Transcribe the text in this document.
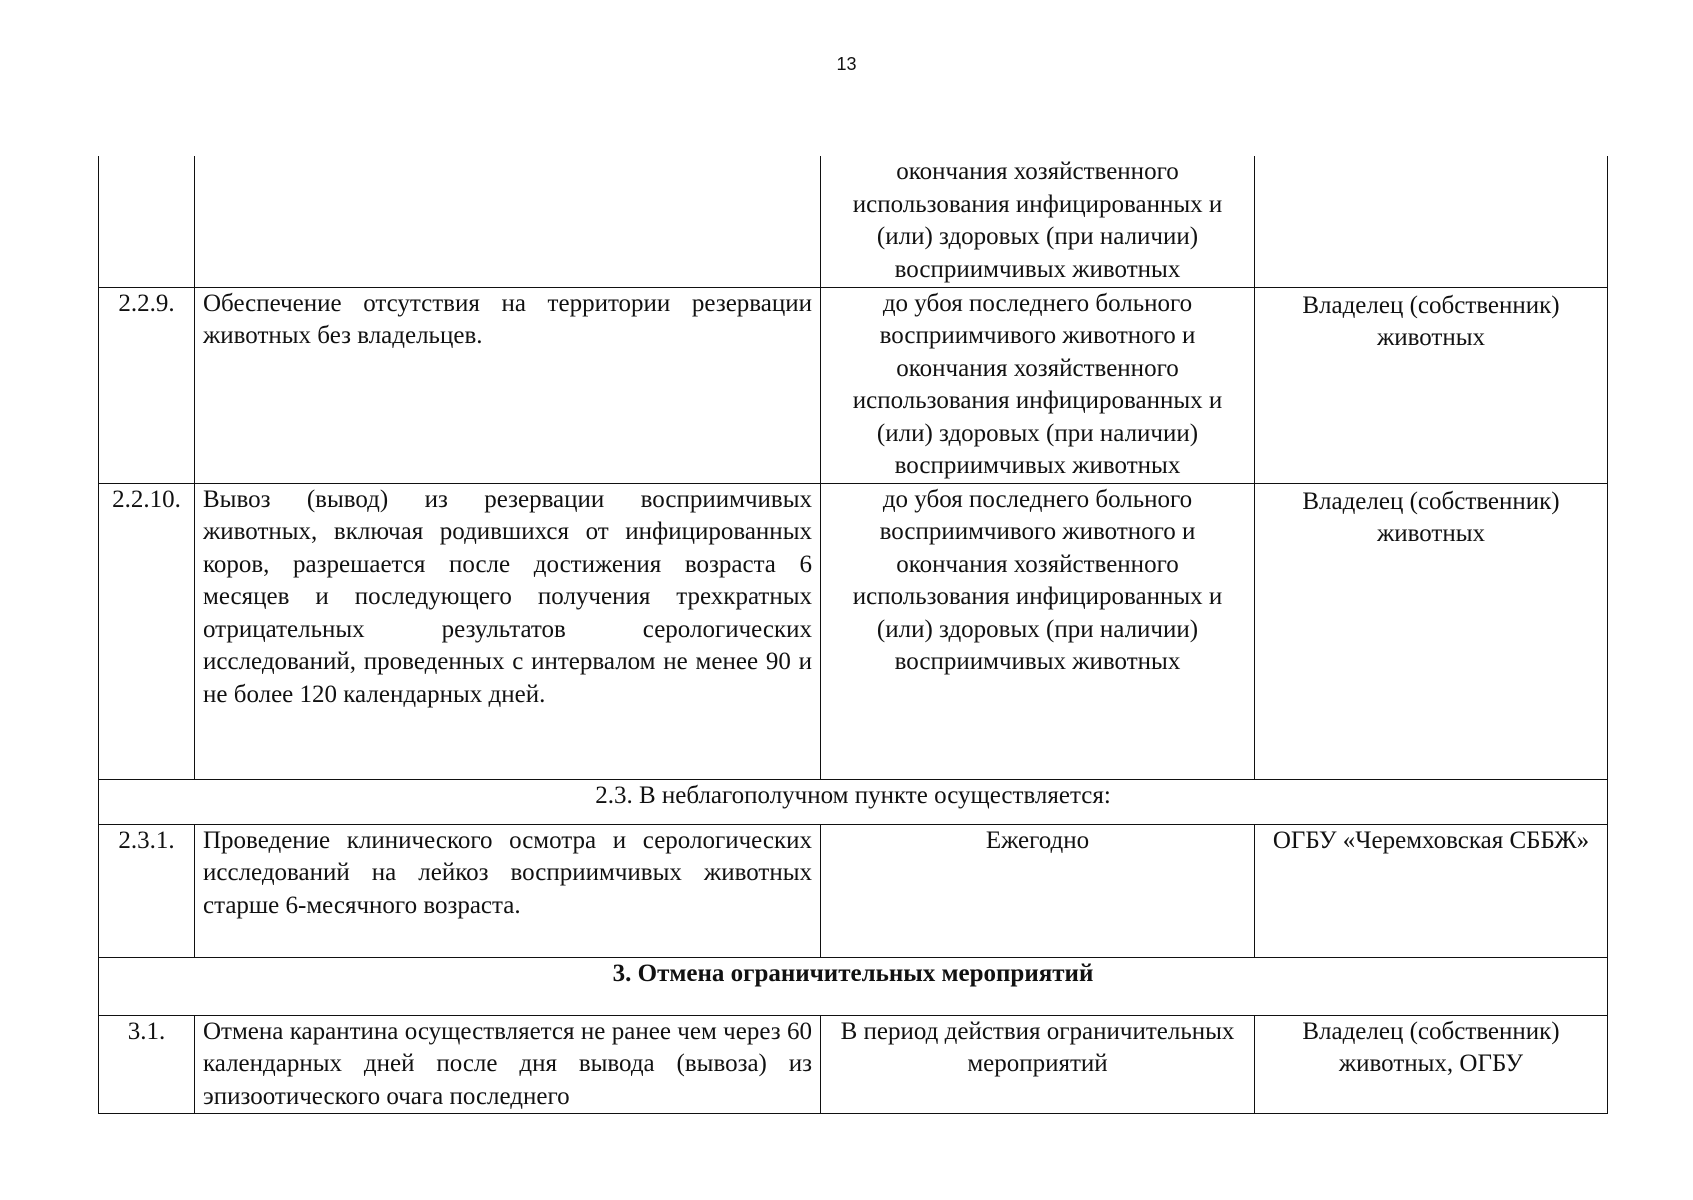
13
		окончания хозяйственного использования инфицированных и (или) здоровых (при наличии) восприимчивых животных	
2.2.9.	Обеспечение отсутствия на территории резервации животных без владельцев.	до убоя последнего больного восприимчивого животного и окончания хозяйственного использования инфицированных и (или) здоровых (при наличии) восприимчивых животных	Владелец (собственник) животных
2.2.10.	Вывоз (вывод) из резервации восприимчивых животных, включая родившихся от инфицированных коров, разрешается после достижения возраста 6 месяцев и последующего получения трехкратных отрицательных результатов серологических исследований, проведенных с интервалом не менее 90 и не более 120 календарных дней.	до убоя последнего больного восприимчивого животного и окончания хозяйственного использования инфицированных и (или) здоровых (при наличии) восприимчивых животных	Владелец (собственник) животных
2.3. В неблагополучном пункте осуществляется:			
2.3.1.	Проведение клинического осмотра и серологических исследований на лейкоз восприимчивых животных старше 6-месячного возраста.	Ежегодно	ОГБУ «Черемховская СББЖ»
3. Отмена ограничительных мероприятий			
3.1.	Отмена карантина осуществляется не ранее чем через 60 календарных дней после дня вывода (вывоза) из эпизоотического очага последнего	В период действия ограничительных мероприятий	Владелец (собственник) животных, ОГБУ
